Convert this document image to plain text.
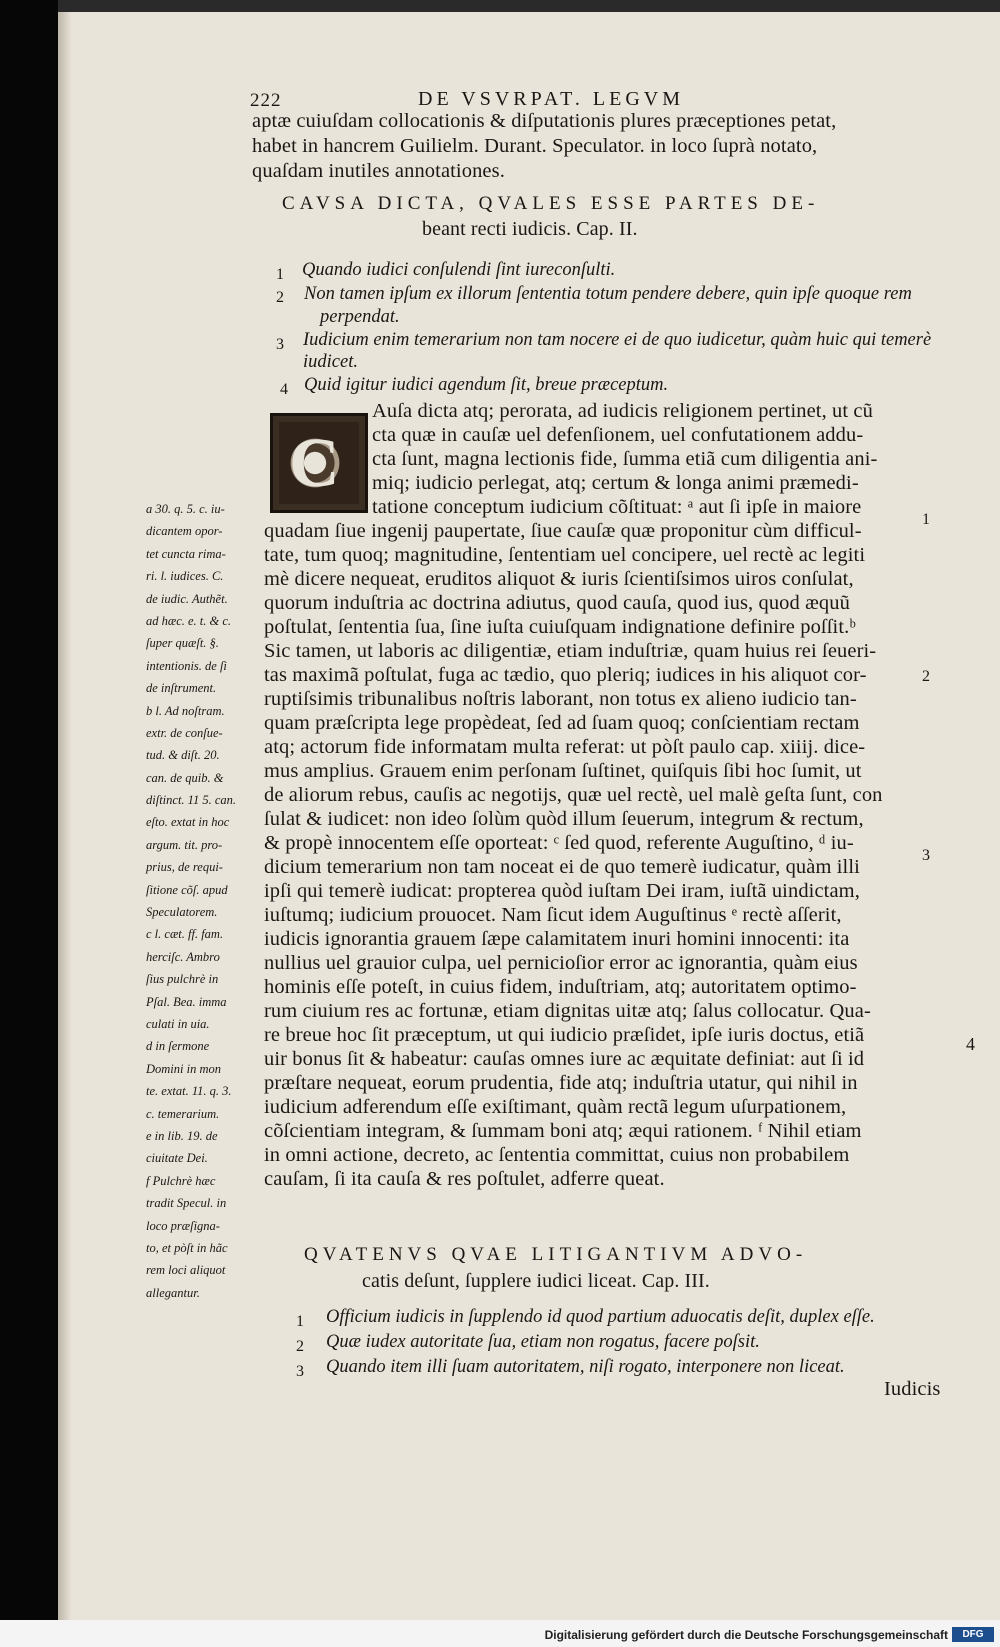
222	DE VSVRPAT. LEGVM
aptæ cuiuſdam collocationis & diſputationis plures præceptiones petat,
habet in hancrem Guilielm. Durant. Speculator. in loco ſuprà notato,
quaſdam inutiles annotationes.
CAVSA DICTA, QVALES ESSE PARTES DE-
beant recti iudicis. Cap. II.
1 Quando iudici conſulendi ſint iureconſulti.
2 Non tamen ipſum ex illorum ſententia totum pendere debere, quin ipſe quoque rem
perpendat.
3 Iudicium enim temerarium non tam nocere ei de quo iudicetur, quàm huic qui temerè
iudicet.
4 Quid igitur iudici agendum ſit, breue præceptum.
C
Auſa dicta atq; perorata, ad iudicis religionem pertinet, ut cũ
cta quæ in cauſæ uel defenſionem, uel confutationem addu-
cta ſunt, magna lectionis fide, ſumma etiã cum diligentia ani-
miq; iudicio perlegat, atq; certum & longa animi præmedi-
tatione conceptum iudicium cõſtituat: ᵃ aut ſi ipſe in maiore
quadam ſiue ingenij paupertate, ſiue cauſæ quæ proponitur cùm difficul-
tate, tum quoq; magnitudine, ſententiam uel concipere, uel rectè ac legiti
mè dicere nequeat, eruditos aliquot & iuris ſcientiſsimos uiros conſulat,
quorum induſtria ac doctrina adiutus, quod cauſa, quod ius, quod æquũ
poſtulat, ſententia ſua, ſine iuſta cuiuſquam indignatione definire poſſit.ᵇ
Sic tamen, ut laboris ac diligentiæ, etiam induſtriæ, quam huius rei ſeueri-
tas maximã poſtulat, fuga ac tædio, quo pleriq; iudices in his aliquot cor-
ruptiſsimis tribunalibus noſtris laborant, non totus ex alieno iudicio tan-
quam præſcripta lege propèdeat, ſed ad ſuam quoq; conſcientiam rectam
atq; actorum fide informatam multa referat: ut pòſt paulo cap. xiiij. dice-
mus amplius. Grauem enim perſonam ſuſtinet, quiſquis ſibi hoc ſumit, ut
de aliorum rebus, cauſis ac negotijs, quæ uel rectè, uel malè geſta ſunt, con
ſulat & iudicet: non ideo ſolùm quòd illum ſeuerum, integrum & rectum,
& propè innocentem eſſe oporteat: ᶜ ſed quod, referente Auguſtino, ᵈ iu-
dicium temerarium non tam noceat ei de quo temerè iudicatur, quàm illi
ipſi qui temerè iudicat: propterea quòd iuſtam Dei iram, iuſtã uindictam,
iuſtumq; iudicium prouocet. Nam ſicut idem Auguſtinus ᵉ rectè aſſerit,
iudicis ignorantia grauem ſæpe calamitatem inuri homini innocenti: ita
nullius uel grauior culpa, uel pernicioſior error ac ignorantia, quàm eius
hominis eſſe poteſt, in cuius fidem, induſtriam, atq; autoritatem optimo-
rum ciuium res ac fortunæ, etiam dignitas uitæ atq; ſalus collocatur. Qua-
re breue hoc ſit præceptum, ut qui iudicio præſidet, ipſe iuris doctus, etiã
uir bonus ſit & habeatur: cauſas omnes iure ac æquitate definiat: aut ſi id
præſtare nequeat, eorum prudentia, fide atq; induſtria utatur, qui nihil in
iudicium adferendum eſſe exiſtimant, quàm rectã legum uſurpationem,
cõſcientiam integram, & ſummam boni atq; æqui rationem. ᶠ Nihil etiam
in omni actione, decreto, ac ſententia committat, cuius non probabilem
cauſam, ſi ita cauſa & res poſtulet, adferre queat.
1
2
3
4
a 30. q. 5. c. iu-
dicantem opor-
tet cuncta rima-
ri. l. iudices. C.
de iudic. Authẽt.
ad hæc. e. t. & c.
ſuper quæſt. §.
intentionis. de ſi
de inſtrument.
b l. Ad noſtram.
extr. de conſue-
tud. & diſt. 20.
can. de quib. &
diſtinct. 11 5. can.
eſto. extat in hoc
argum. tit. pro-
prius, de requi-
ſitione cõſ. apud
Speculatorem.
c l. cæt. ff. fam.
herciſc. Ambro
ſius pulchrè in
Pſal. Bea. imma
culati in uia.
d in ſermone
Domini in mon
te. extat. 11. q. 3.
c. temerarium.
e in lib. 19. de
ciuitate Dei.
f Pulchrè hæc
tradit Specul. in
loco præſigna-
to, et pòſt in hãc
rem loci aliquot
allegantur.
QVATENVS QVAE LITIGANTIVM ADVO-
catis deſunt, ſupplere iudici liceat. Cap. III.
1 Officium iudicis in ſupplendo id quod partium aduocatis deſit, duplex eſſe.
2 Quæ iudex autoritate ſua, etiam non rogatus, facere poſsit.
3 Quando item illi ſuam autoritatem, niſi rogato, interponere non liceat.
Iudicis
Digitalisierung gefördert durch die Deutsche Forschungsgemeinschaft	DFG
